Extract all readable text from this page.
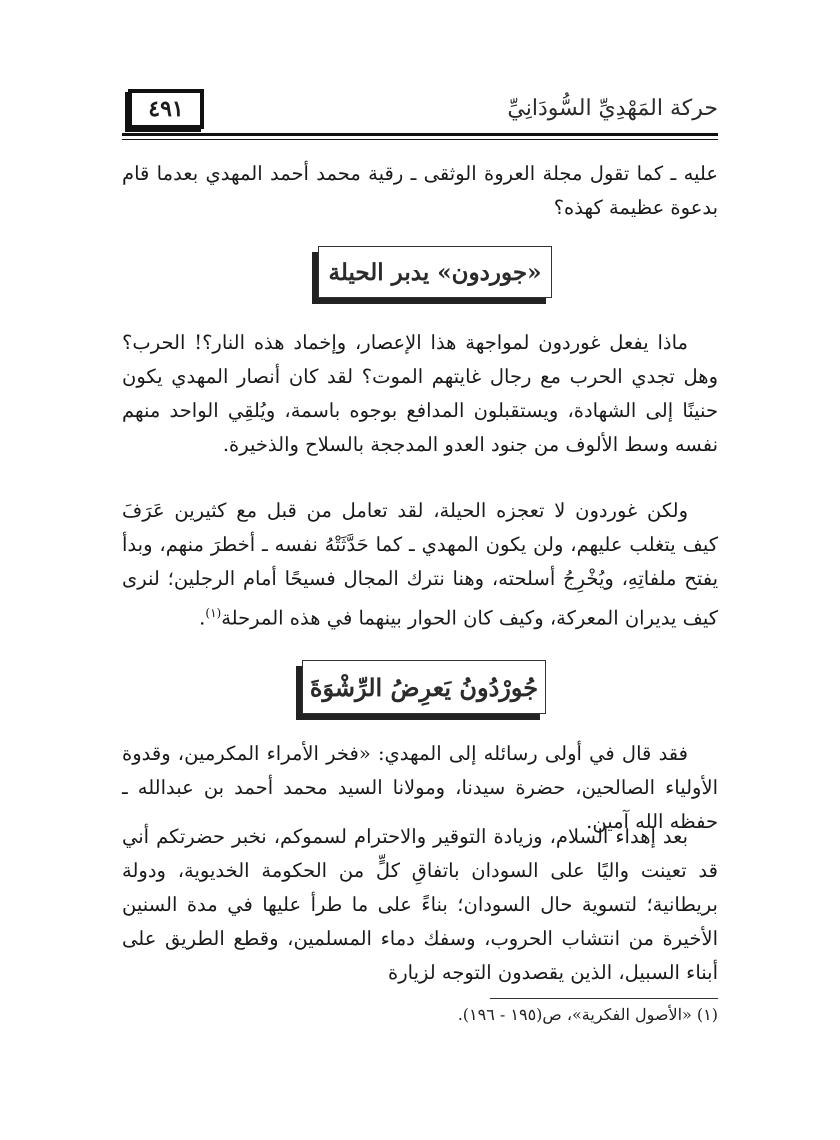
حركة المَهْدِيِّ السُّودَانِيِّ
٤٩١

عليه ـ كما تقول مجلة العروة الوثقى ـ رقية محمد أحمد المهدي بعدما قام بدعوة عظيمة كهذه؟

«جوردون» يدبر الحيلة

ماذا يفعل غوردون لمواجهة هذا الإعصار، وإخماد هذه النار؟! الحرب؟ وهل تجدي الحرب مع رجال غايتهم الموت؟ لقد كان أنصار المهدي يكون حنينًا إلى الشهادة، ويستقبلون المدافع بوجوه باسمة، ويُلقِي الواحد منهم نفسه وسط الألوف من جنود العدو المدججة بالسلاح والذخيرة.

ولكن غوردون لا تعجزه الحيلة، لقد تعامل من قبل مع كثيرين عَرَفَ كيف يتغلب عليهم، ولن يكون المهدي ـ كما حَدَّثَتْهُ نفسه ـ أخطرَ منهم، وبدأ يفتح ملفاتِهِ، ويُخْرِجُ أسلحته، وهنا نترك المجال فسيحًا أمام الرجلين؛ لنرى كيف يديران المعركة، وكيف كان الحوار بينهما في هذه المرحلة$^{(١)}$.

جُورْدُونُ يَعرِضُ الرِّشْوَةَ

فقد قال في أولى رسائله إلى المهدي: «فخر الأمراء المكرمين، وقدوة الأولياء الصالحين، حضرة سيدنا، ومولانا السيد محمد أحمد بن عبدالله ـ حفظه الله آمين.

بعد إهداء السلام، وزيادة التوقير والاحترام لسموكم، نخبر حضرتكم أني قد تعينت واليًا على السودان باتفاقِ كلٍّ من الحكومة الخديوية، ودولة بريطانية؛ لتسوية حال السودان؛ بناءً على ما طرأ عليها في مدة السنين الأخيرة من انتشاب الحروب، وسفك دماء المسلمين، وقطع الطريق على أبناء السبيل، الذين يقصدون التوجه لزيارة

(١) «الأصول الفكرية»، ص(١٩٥ - ١٩٦).
